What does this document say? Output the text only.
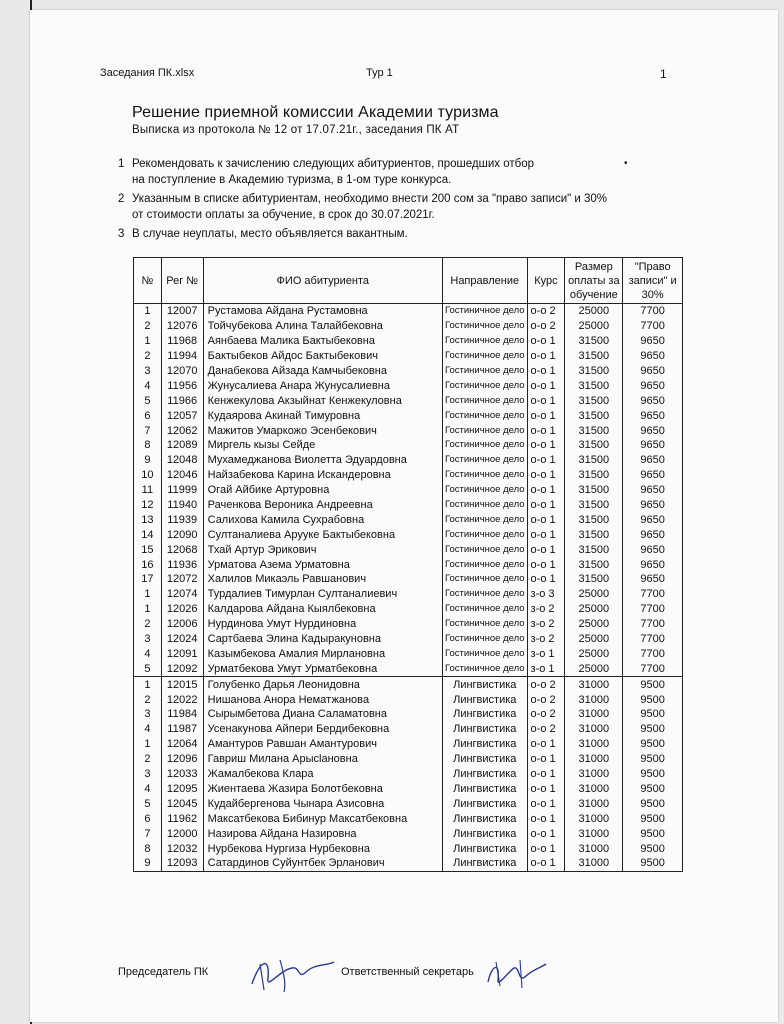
Заседания ПК.xlsx	Тур 1	1
Решение приемной комиссии Академии туризма
Выписка из протокола № 12 от 17.07.21г., заседания ПК АТ
•
1 Рекомендовать к зачислению следующих абитуриентов, прошедших отбор
на поступление в Академию туризма, в 1-ом туре конкурса.
2 Указанным в списке абитуриентам, необходимо внести 200 сом за "право записи" и 30%
от стоимости оплаты за обучение, в срок до 30.07.2021г.
3 В случае неуплаты, место объявляется вакантным.
№	Рег №	ФИО абитуриента	Направление	Курс	Размер оплаты за обучение	"Право записи" и 30%
1	12007	Рустамова Айдана Рустамовна	Гостиничное дело	о-о 2	25000	7700
2	12076	Тойчубекова Алина Талайбековна	Гостиничное дело	о-о 2	25000	7700
1	11968	Аянбаева Малика Бактыбековна	Гостиничное дело	о-о 1	31500	9650
2	11994	Бактыбеков Айдос Бактыбекович	Гостиничное дело	о-о 1	31500	9650
3	12070	Данабекова Айзада Камчыбековна	Гостиничное дело	о-о 1	31500	9650
4	11956	Жунусалиева Анара Жунусалиевна	Гостиничное дело	о-о 1	31500	9650
5	11966	Кенжекулова Акзыйнат Кенжекуловна	Гостиничное дело	о-о 1	31500	9650
6	12057	Кудаярова Акинай Тимуровна	Гостиничное дело	о-о 1	31500	9650
7	12062	Мажитов Умаркожо Эсенбекович	Гостиничное дело	о-о 1	31500	9650
8	12089	Миргель кызы Сейде	Гостиничное дело	о-о 1	31500	9650
9	12048	Мухамеджанова Виолетта Эдуардовна	Гостиничное дело	о-о 1	31500	9650
10	12046	Найзабекова Карина Искандеровна	Гостиничное дело	о-о 1	31500	9650
11	11999	Огай Айбике Артуровна	Гостиничное дело	о-о 1	31500	9650
12	11940	Раченкова Вероника Андреевна	Гостиничное дело	о-о 1	31500	9650
13	11939	Салихова Камила Сухрабовна	Гостиничное дело	о-о 1	31500	9650
14	12090	Султаналиева Арууке Бактыбековна	Гостиничное дело	о-о 1	31500	9650
15	12068	Тхай Артур Эрикович	Гостиничное дело	о-о 1	31500	9650
16	11936	Урматова Азема Урматовна	Гостиничное дело	о-о 1	31500	9650
17	12072	Халилов Микаэль Равшанович	Гостиничное дело	о-о 1	31500	9650
1	12074	Турдалиев Тимурлан Султаналиевич	Гостиничное дело	з-о 3	25000	7700
1	12026	Калдарова Айдана Кыялбековна	Гостиничное дело	з-о 2	25000	7700
2	12006	Нурдинова Умут Нурдиновна	Гостиничное дело	з-о 2	25000	7700
3	12024	Сартбаева Элина Кадыракуновна	Гостиничное дело	з-о 2	25000	7700
4	12091	Казымбекова Амалия Мирлановна	Гостиничное дело	з-о 1	25000	7700
5	12092	Урматбекова Умут Урматбековна	Гостиничное дело	з-о 1	25000	7700
1	12015	Голубенко Дарья Леонидовна	Лингвистика	о-о 2	31000	9500
2	12022	Нишанова Анора Нематжановa	Лингвистика	о-о 2	31000	9500
3	11984	Сырымбетова Диана Саламатовна	Лингвистика	о-о 2	31000	9500
4	11987	Усенакунова Айпери Бердибековна	Лингвистика	о-о 2	31000	9500
1	12064	Амантуров Равшан Амантурович	Лингвистика	о-о 1	31000	9500
2	12096	Гавриш Милана Арысlановна	Лингвистика	о-о 1	31000	9500
3	12033	Жамалбекова Клара	Лингвистика	о-о 1	31000	9500
4	12095	Жиентаева Жазира Болотбековна	Лингвистика	о-о 1	31000	9500
5	12045	Кудайбергенова Чынара Азисовна	Лингвистика	о-о 1	31000	9500
6	11962	Максатбекова Бибинур Максатбековна	Лингвистика	о-о 1	31000	9500
7	12000	Назирова Айдана Назировна	Лингвистика	о-о 1	31000	9500
8	12032	Нурбекова Нургиза Нурбековна	Лингвистика	о-о 1	31000	9500
9	12093	Сатардинов Суйунтбек Эрланович	Лингвистика	о-о 1	31000	9500
Председатель ПК	Ответственный секретарь
